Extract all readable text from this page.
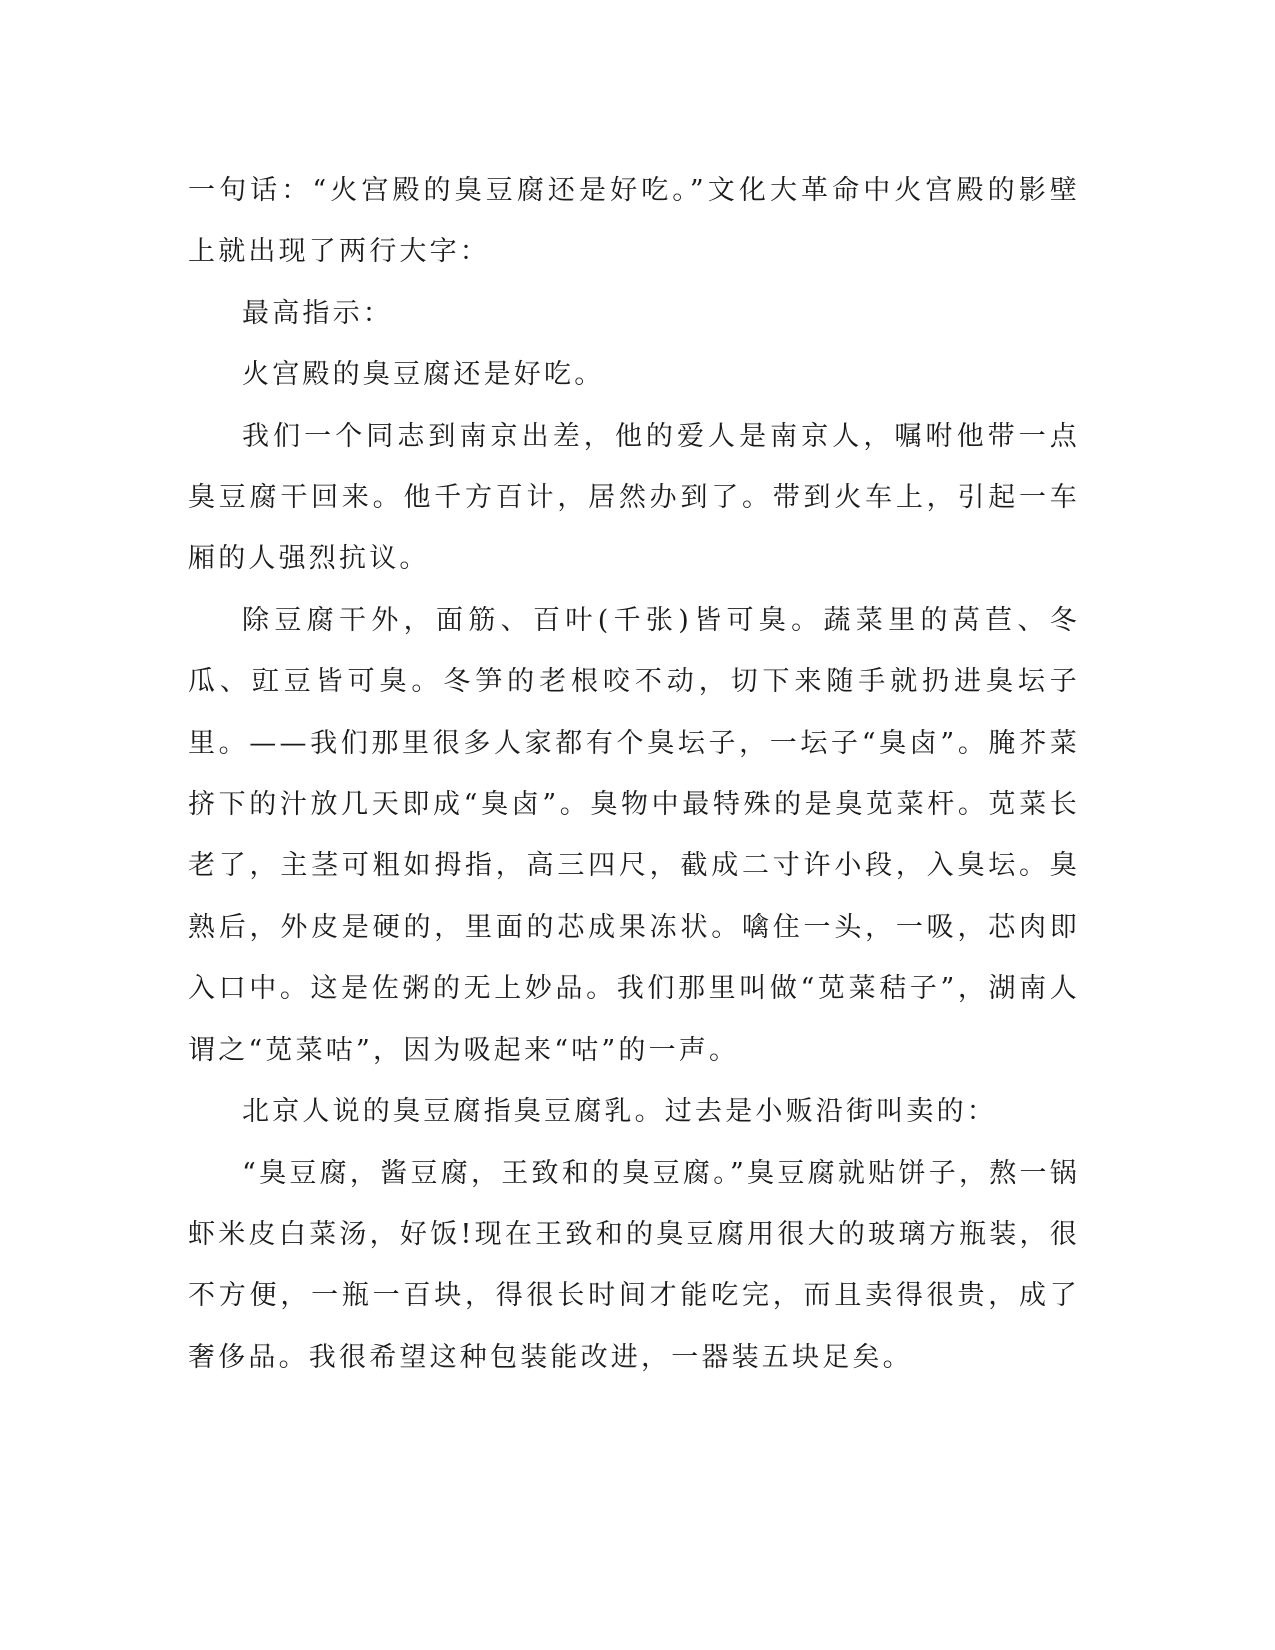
一句话：“火宫殿的臭豆腐还是好吃。”文化大革命中火宫殿的影壁上就出现了两行大字：

最高指示：

火宫殿的臭豆腐还是好吃。

我们一个同志到南京出差，他的爱人是南京人，嘱咐他带一点臭豆腐干回来。他千方百计，居然办到了。带到火车上，引起一车厢的人强烈抗议。

除豆腐干外，面筋、百叶(千张)皆可臭。蔬菜里的莴苣、冬瓜、豇豆皆可臭。冬笋的老根咬不动，切下来随手就扔进臭坛子里。——我们那里很多人家都有个臭坛子，一坛子“臭卤”。腌芥菜挤下的汁放几天即成“臭卤”。臭物中最特殊的是臭苋菜杆。苋菜长老了，主茎可粗如拇指，高三四尺，截成二寸许小段，入臭坛。臭熟后，外皮是硬的，里面的芯成果冻状。噙住一头，一吸，芯肉即入口中。这是佐粥的无上妙品。我们那里叫做“苋菜秸子”，湖南人谓之“苋菜咕”，因为吸起来“咕”的一声。

北京人说的臭豆腐指臭豆腐乳。过去是小贩沿街叫卖的：

“臭豆腐，酱豆腐，王致和的臭豆腐。”臭豆腐就贴饼子，熬一锅虾米皮白菜汤，好饭!现在王致和的臭豆腐用很大的玻璃方瓶装，很不方便，一瓶一百块，得很长时间才能吃完，而且卖得很贵，成了奢侈品。我很希望这种包装能改进，一器装五块足矣。
